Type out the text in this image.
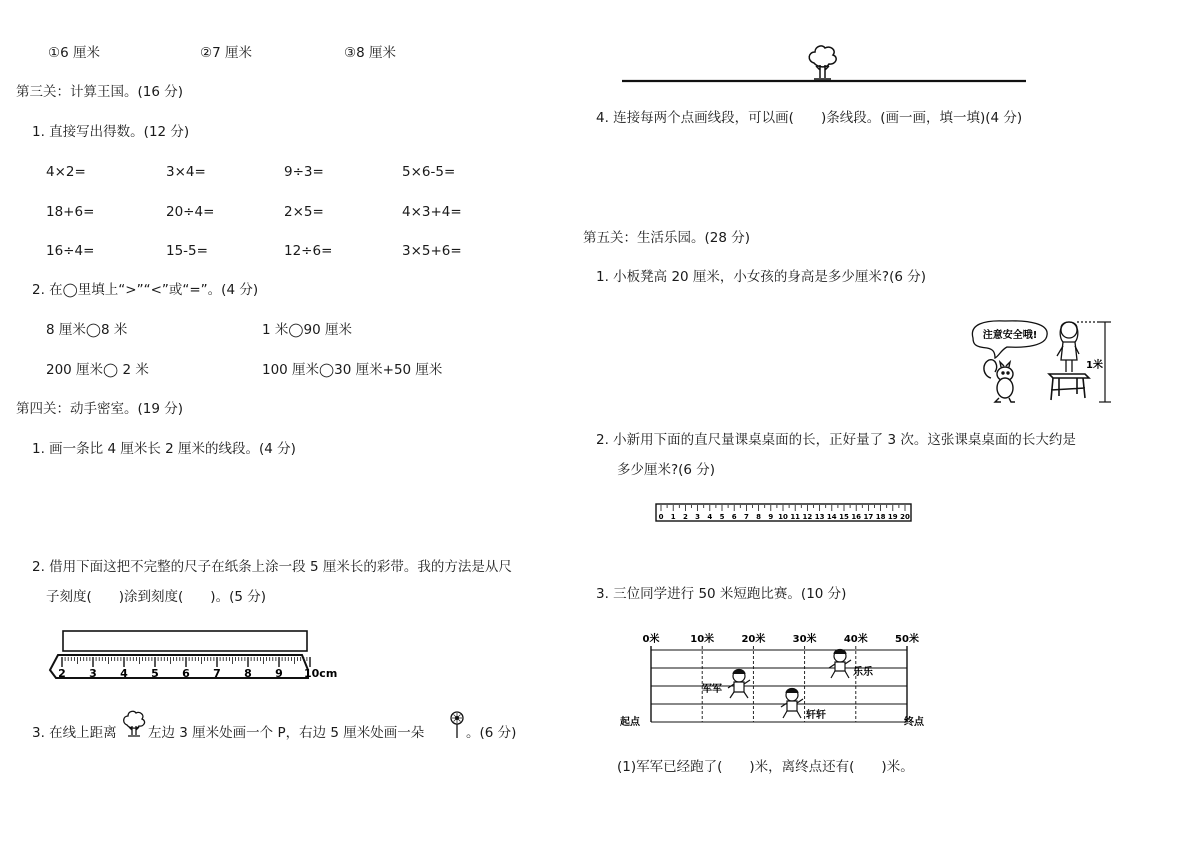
①6 厘米	②7 厘米	③8 厘米
第三关：计算王国。(16 分)
1. 直接写出得数。(12 分)
4×2=	3×4=	9÷3=	5×6-5=
18+6=	20÷4=	2×5=	4×3+4=
16÷4=	15-5=	12÷6=	3×5+6=
2. 在◯里填上“>”“<”或“=”。(4 分)
8 厘米◯8 米	1 米◯90 厘米
200 厘米◯ 2 米	100 厘米◯30 厘米+50 厘米
第四关：动手密室。(19 分)
1. 画一条比 4 厘米长 2 厘米的线段。(4 分)
2. 借用下面这把不完整的尺子在纸条上涂一段 5 厘米长的彩带。我的方法是从尺
子刻度(　　)涂到刻度(　　)。(5 分)
2 3 4 5 6 7 8 9 10cm
3. 在线上距离 左边 3 厘米处画一个 P，右边 5 厘米处画一朵	。(6 分)
4. 连接每两个点画线段，可以画(　　)条线段。(画一画，填一填)(4 分)
第五关：生活乐园。(28 分)
1. 小板凳高 20 厘米，小女孩的身高是多少厘米?(6 分)
注意安全哦!
1米
2. 小新用下面的直尺量课桌桌面的长，正好量了 3 次。这张课桌桌面的长大约是
多少厘米?(6 分)
0 1 2 3 4 5 6 7 8 9 10 11 12 13 14 15 16 17 18 19 20
3. 三位同学进行 50 米短跑比赛。(10 分)
0米	10米	20米	30米	40米	50米
起点	终点
军军
轩轩
乐乐
(1)军军已经跑了(　　)米，离终点还有(　　)米。
